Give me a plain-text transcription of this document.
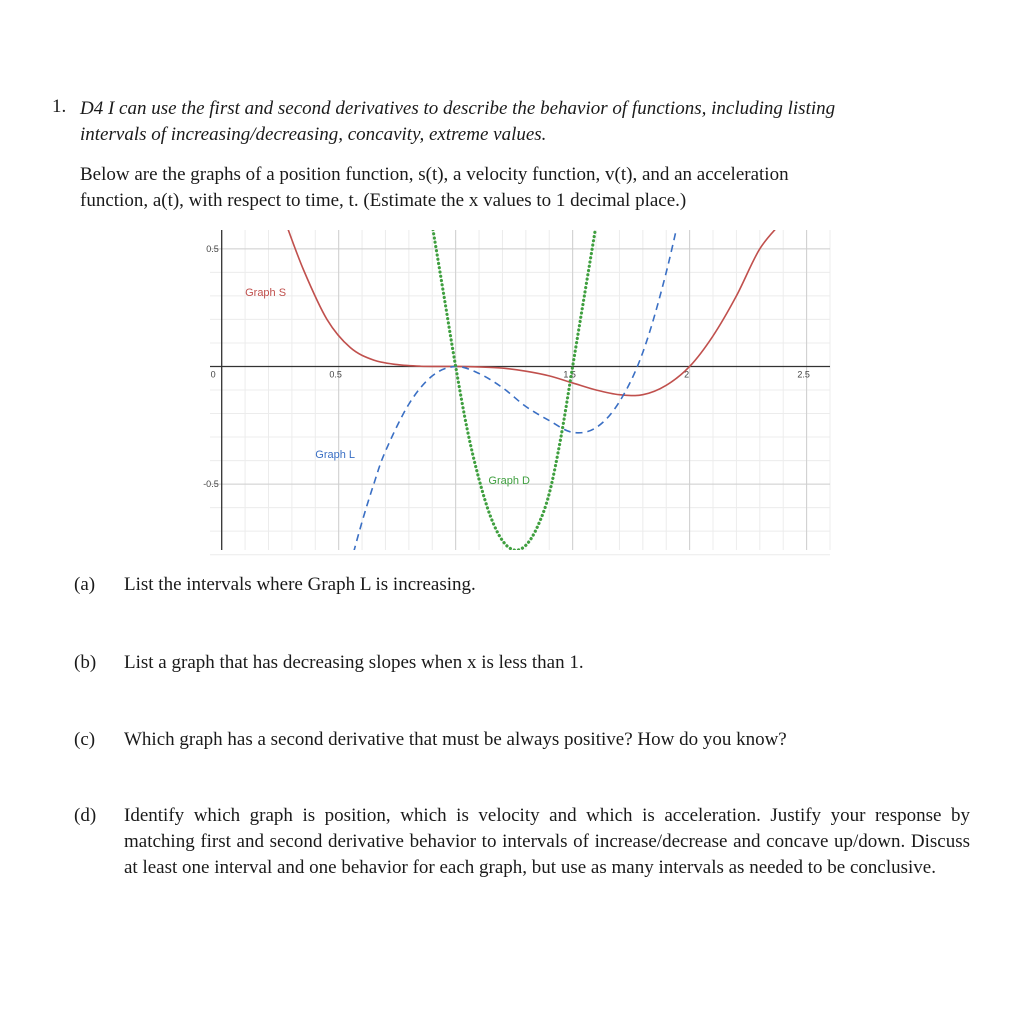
1. D4 I can use the first and second derivatives to describe the behavior of functions, including listing
intervals of increasing/decreasing, concavity, extreme values.
Below are the graphs of a position function, s(t), a velocity function, v(t), and an acceleration
function, a(t), with respect to time, t. (Estimate the x values to 1 decimal place.)
0	0.5	1.5	2	2.5
0.5
-0.5
Graph S
Graph L
Graph D
(a) List the intervals where Graph L is increasing.
(b) List a graph that has decreasing slopes when x is less than 1.
(c) Which graph has a second derivative that must be always positive? How do you know?
(d) Identify which graph is position, which is velocity and which is acceleration. Justify your response by matching first and second derivative behavior to intervals of increase/decrease and concave up/down. Discuss at least one interval and one behavior for each graph, but use as many intervals as needed to be conclusive.
